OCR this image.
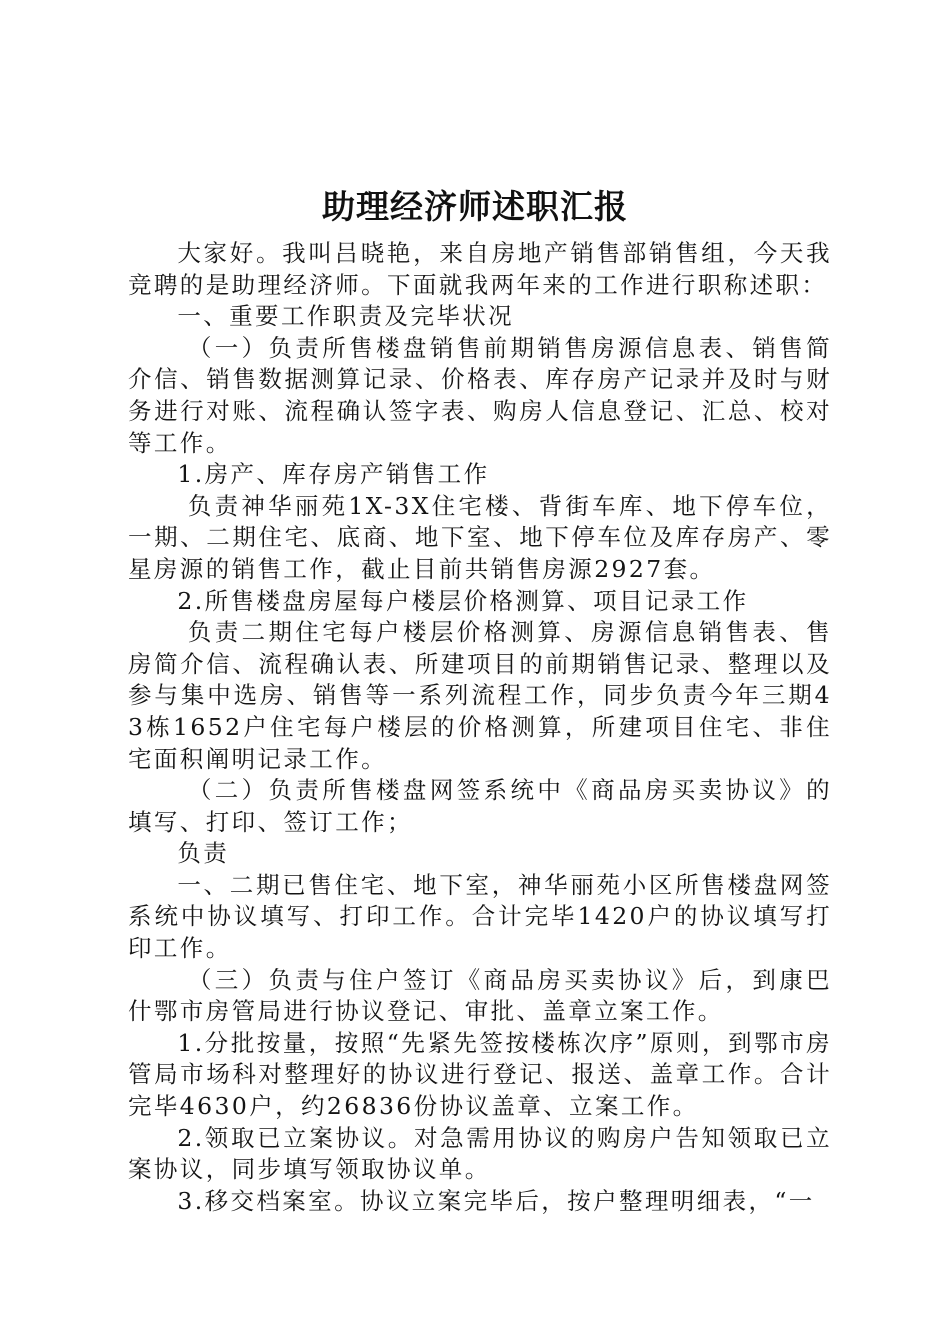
助理经济师述职汇报

大家好。我叫吕晓艳，来自房地产销售部销售组，今天我竞聘的是助理经济师。下面就我两年来的工作进行职称述职：

一、重要工作职责及完毕状况

（一）负责所售楼盘销售前期销售房源信息表、销售简介信、销售数据测算记录、价格表、库存房产记录并及时与财务进行对账、流程确认签字表、购房人信息登记、汇总、校对等工作。

1.房产、库存房产销售工作

负责神华丽苑1X-3X住宅楼、背街车库、地下停车位，一期、二期住宅、底商、地下室、地下停车位及库存房产、零星房源的销售工作，截止目前共销售房源2927套。

2.所售楼盘房屋每户楼层价格测算、项目记录工作

负责二期住宅每户楼层价格测算、房源信息销售表、售房简介信、流程确认表、所建项目的前期销售记录、整理以及参与集中选房、销售等一系列流程工作，同步负责今年三期43栋1652户住宅每户楼层的价格测算，所建项目住宅、非住宅面积阐明记录工作。

（二）负责所售楼盘网签系统中《商品房买卖协议》的填写、打印、签订工作；

负责

一、二期已售住宅、地下室，神华丽苑小区所售楼盘网签系统中协议填写、打印工作。合计完毕1420户的协议填写打印工作。

（三）负责与住户签订《商品房买卖协议》后，到康巴什鄂市房管局进行协议登记、审批、盖章立案工作。

1.分批按量，按照“先紧先签按楼栋次序”原则，到鄂市房管局市场科对整理好的协议进行登记、报送、盖章工作。合计完毕4630户，约26836份协议盖章、立案工作。

2.领取已立案协议。对急需用协议的购房户告知领取已立案协议，同步填写领取协议单。

3.移交档案室。协议立案完毕后，按户整理明细表，“一
